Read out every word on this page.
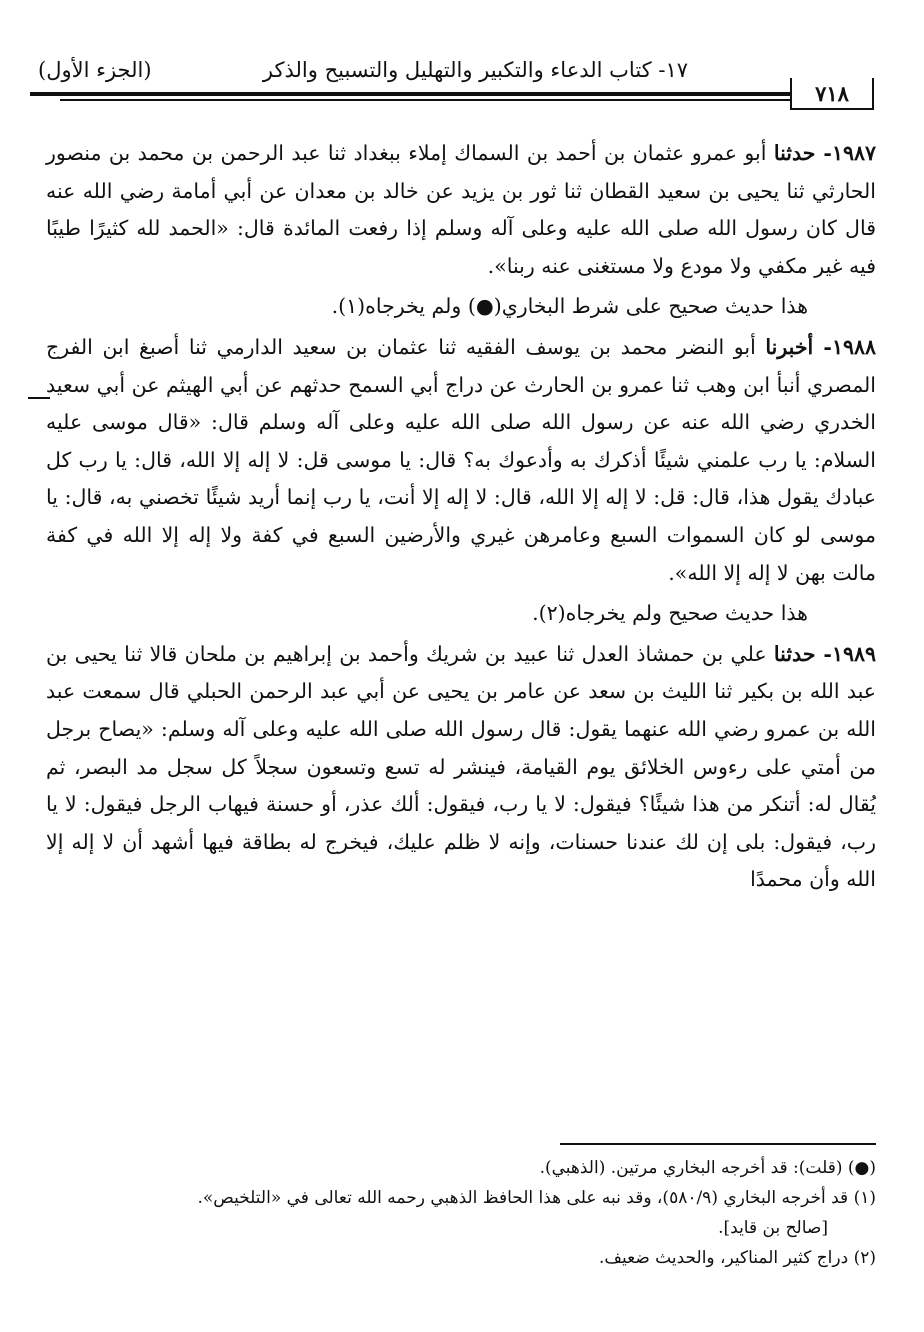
١٧- كتاب الدعاء والتكبير والتهليل والتسبيح والذكر
(الجزء الأول)
٧١٨

١٩٨٧- حدثنا أبو عمرو عثمان بن أحمد بن السماك إملاء ببغداد ثنا عبد الرحمن بن محمد بن منصور الحارثي ثنا يحيى بن سعيد القطان ثنا ثور بن يزيد عن خالد بن معدان عن أبي أمامة رضي الله عنه قال كان رسول الله صلى الله عليه وعلى آله وسلم إذا رفعت المائدة قال: «الحمد لله كثيرًا طيبًا فيه غير مكفي ولا مودع ولا مستغنى عنه ربنا».

هذا حديث صحيح على شرط البخاري(●) ولم يخرجاه(١).

١٩٨٨- أخبرنا أبو النضر محمد بن يوسف الفقيه ثنا عثمان بن سعيد الدارمي ثنا أصبغ ابن الفرج المصري أنبأ ابن وهب ثنا عمرو بن الحارث عن دراج أبي السمح حدثهم عن أبي الهيثم عن أبي سعيد الخدري رضي الله عنه عن رسول الله صلى الله عليه وعلى آله وسلم قال: «قال موسى عليه السلام: يا رب علمني شيئًا أذكرك به وأدعوك به؟ قال: يا موسى قل: لا إله إلا الله، قال: يا رب كل عبادك يقول هذا، قال: قل: لا إله إلا الله، قال: لا إله إلا أنت، يا رب إنما أريد شيئًا تخصني به، قال: يا موسى لو كان السموات السبع وعامرهن غيري والأرضين السبع في كفة ولا إله إلا الله في كفة مالت بهن لا إله إلا الله».

هذا حديث صحيح ولم يخرجاه(٢).

١٩٨٩- حدثنا علي بن حمشاذ العدل ثنا عبيد بن شريك وأحمد بن إبراهيم بن ملحان قالا ثنا يحيى بن عبد الله بن بكير ثنا الليث بن سعد عن عامر بن يحيى عن أبي عبد الرحمن الحبلي قال سمعت عبد الله بن عمرو رضي الله عنهما يقول: قال رسول الله صلى الله عليه وعلى آله وسلم: «يصاح برجل من أمتي على رءوس الخلائق يوم القيامة، فينشر له تسع وتسعون سجلاً كل سجل مد البصر، ثم يُقال له: أتنكر من هذا شيئًا؟ فيقول: لا يا رب، فيقول: ألك عذر، أو حسنة فيهاب الرجل فيقول: لا يا رب، فيقول: بلى إن لك عندنا حسنات، وإنه لا ظلم عليك، فيخرج له بطاقة فيها أشهد أن لا إله إلا الله وأن محمدًا

(●) (قلت): قد أخرجه البخاري مرتين. (الذهبي).

(١) قد أخرجه البخاري (٥٨٠/٩)، وقد نبه على هذا الحافظ الذهبي رحمه الله تعالى في «التلخيص».

[صالح بن قايد].

(٢) دراج كثير المناكير، والحديث ضعيف.
